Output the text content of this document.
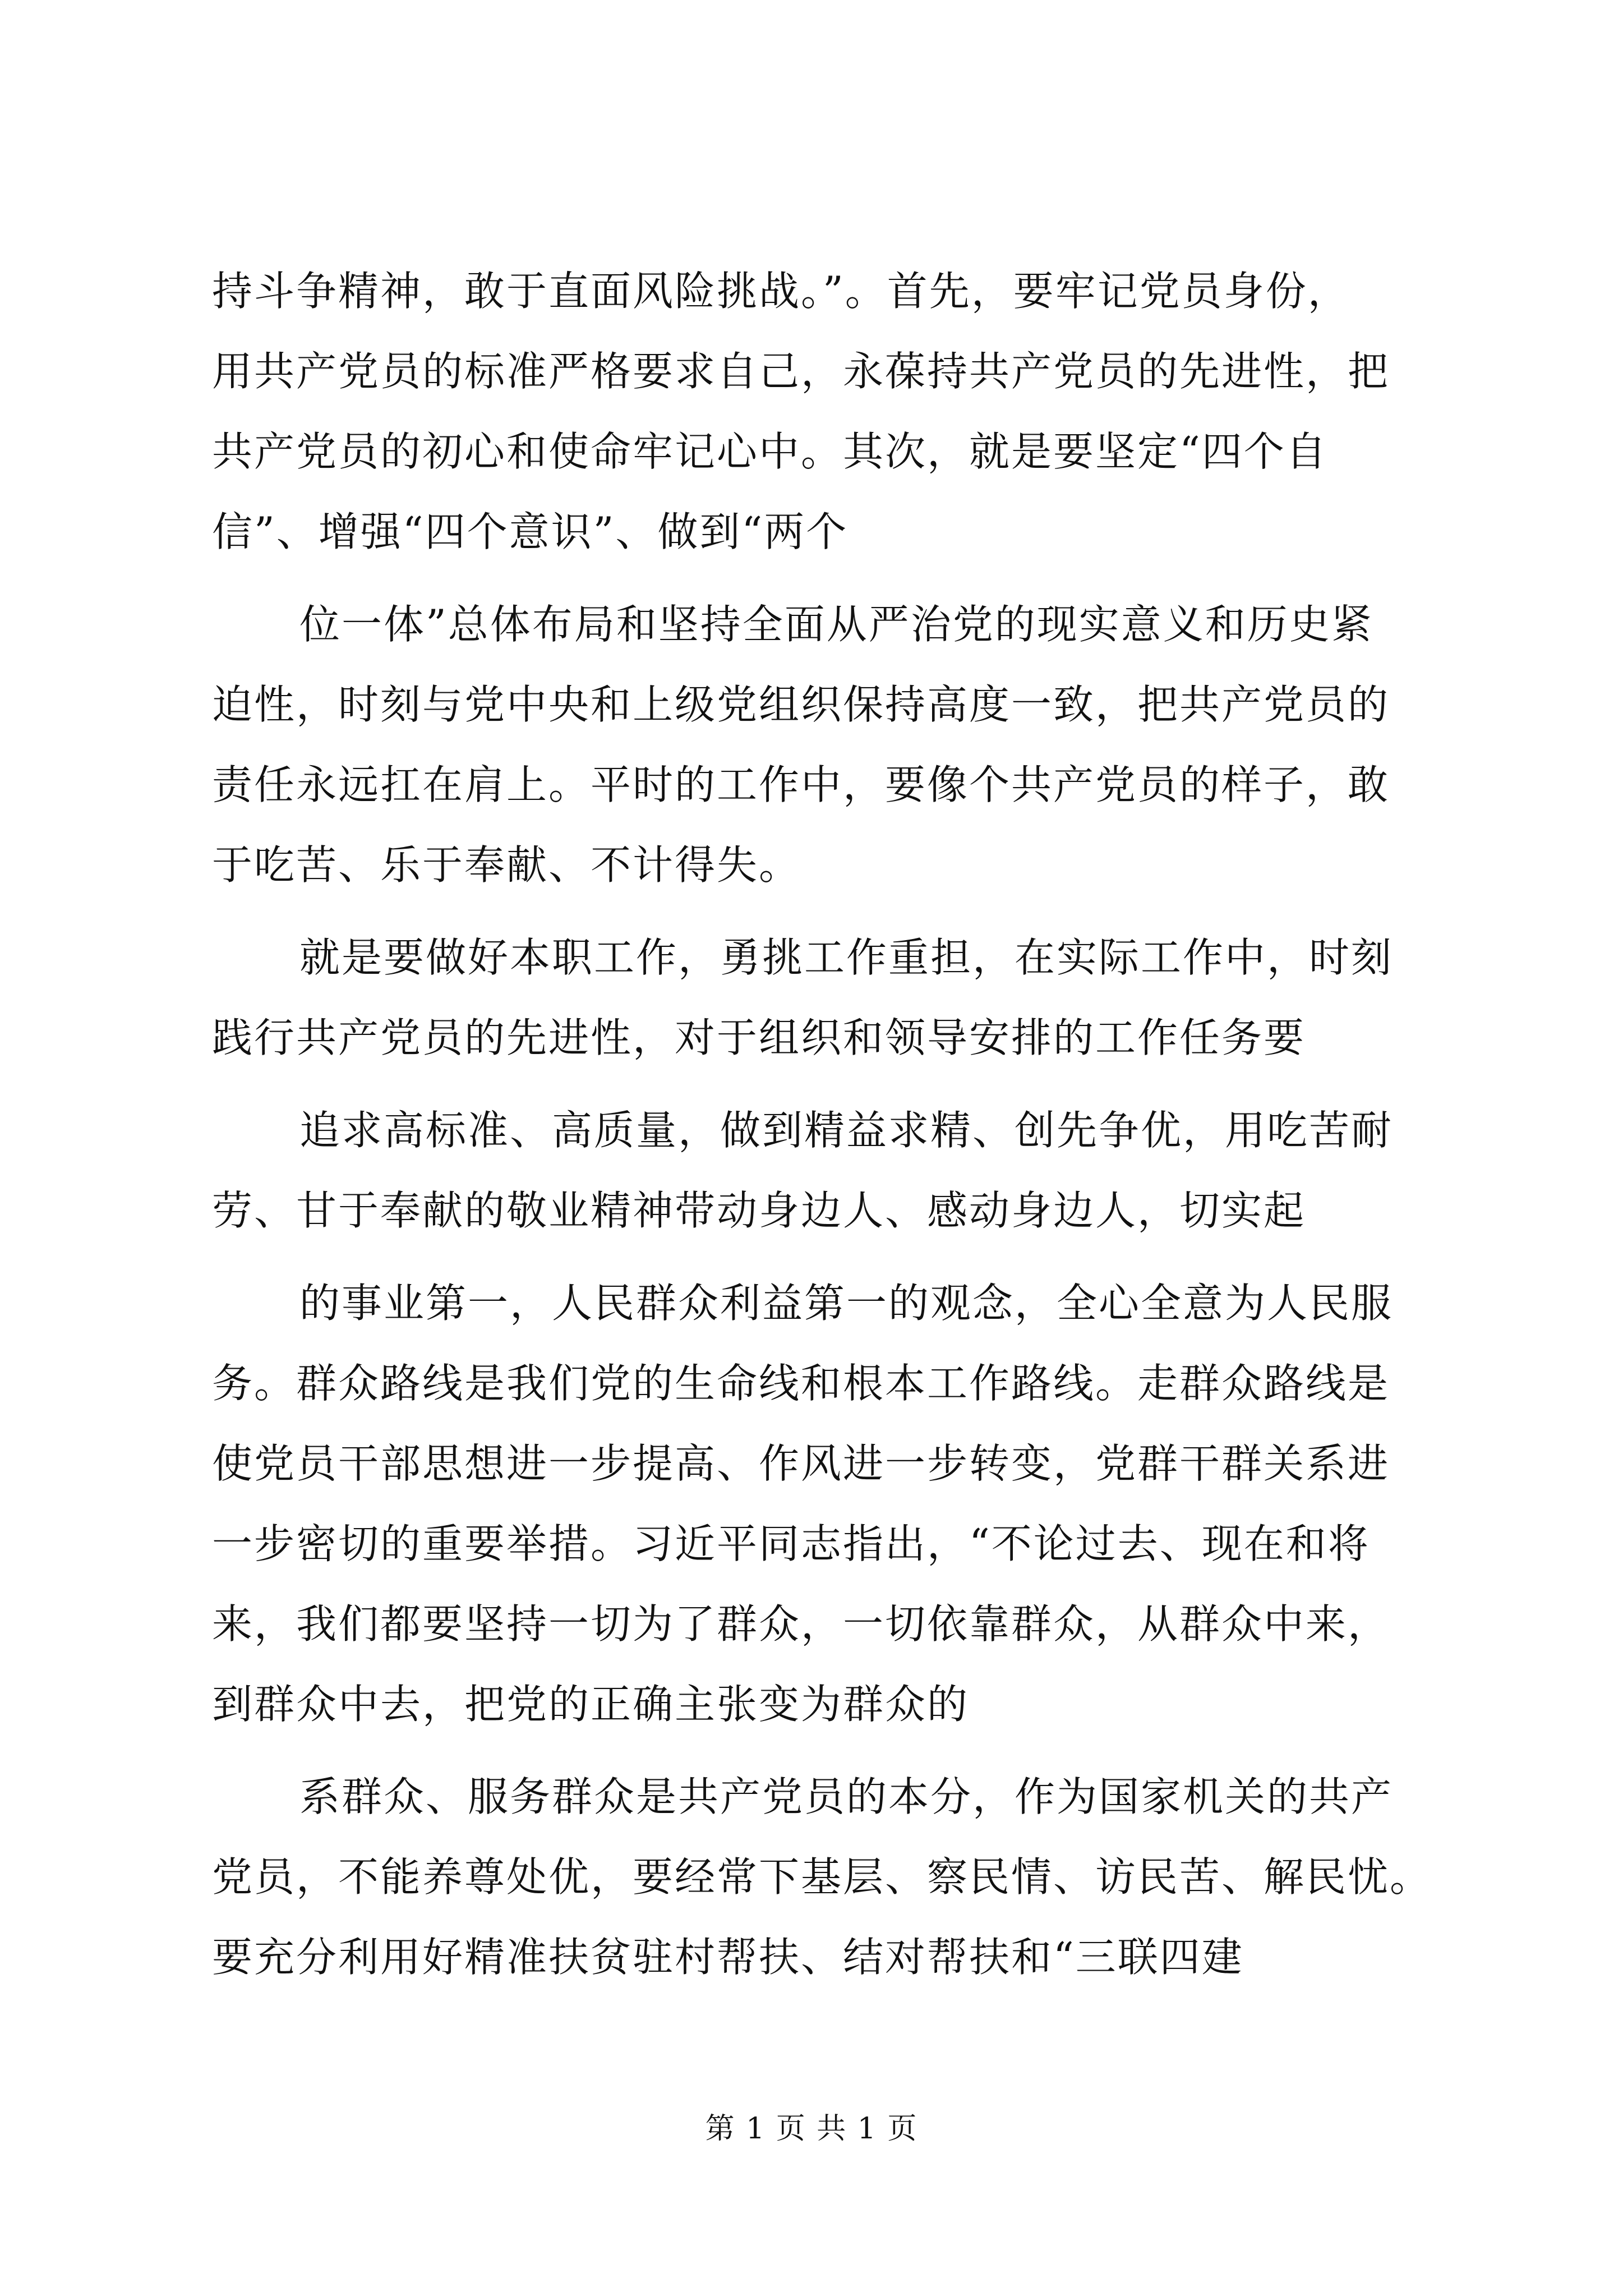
持斗争精神，敢于直面风险挑战。”。首先，要牢记党员身份，
用共产党员的标准严格要求自己，永葆持共产党员的先进性，把
共产党员的初心和使命牢记心中。其次，就是要坚定“四个自
信”、增强“四个意识”、做到“两个
位一体”总体布局和坚持全面从严治党的现实意义和历史紧
迫性，时刻与党中央和上级党组织保持高度一致，把共产党员的
责任永远扛在肩上。平时的工作中，要像个共产党员的样子，敢
于吃苦、乐于奉献、不计得失。
就是要做好本职工作，勇挑工作重担，在实际工作中，时刻
践行共产党员的先进性，对于组织和领导安排的工作任务要
追求高标准、高质量，做到精益求精、创先争优，用吃苦耐
劳、甘于奉献的敬业精神带动身边人、感动身边人，切实起
的事业第一，人民群众利益第一的观念，全心全意为人民服
务。群众路线是我们党的生命线和根本工作路线。走群众路线是
使党员干部思想进一步提高、作风进一步转变，党群干群关系进
一步密切的重要举措。习近平同志指出，“不论过去、现在和将
来，我们都要坚持一切为了群众，一切依靠群众，从群众中来，
到群众中去，把党的正确主张变为群众的
系群众、服务群众是共产党员的本分，作为国家机关的共产
党员，不能养尊处优，要经常下基层、察民情、访民苦、解民忧。
要充分利用好精准扶贫驻村帮扶、结对帮扶和“三联四建
第 1 页 共 1 页
